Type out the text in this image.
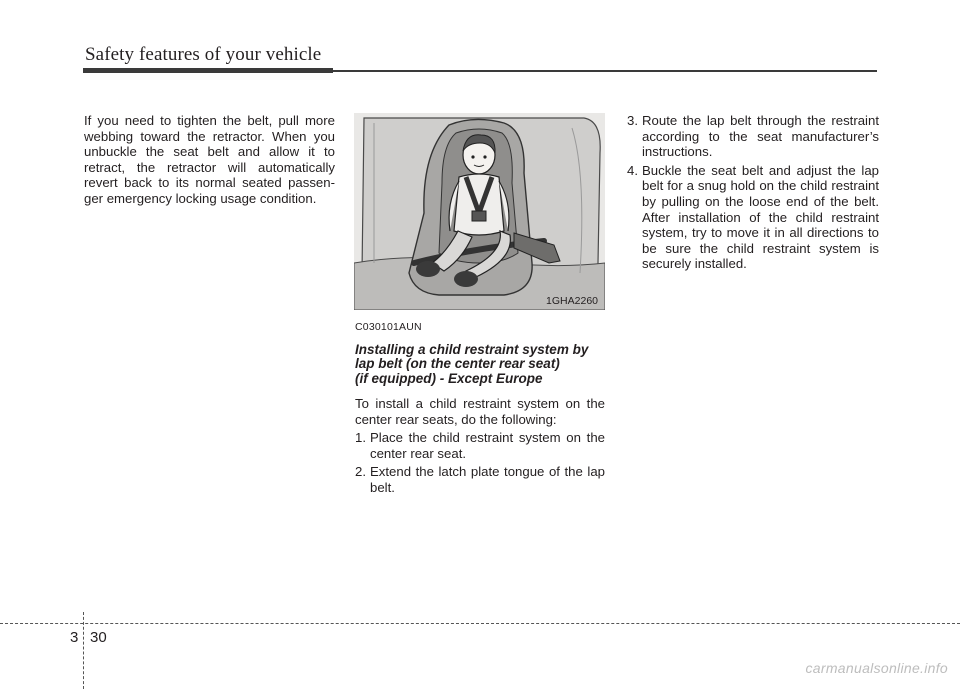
Safety features of your vehicle

If you need to tighten the belt, pull more webbing toward the retractor. When you unbuckle the seat belt and allow it to retract, the retractor will automatically revert back to its normal seated passen-ger emergency locking usage condition.

1GHA2260
C030101AUN
Installing a child restraint system by
lap belt (on the center rear seat)
(if equipped) - Except Europe

To install a child restraint system on the center rear seats, do the following:

1. Place the child restraint system on the center rear seat.
2. Extend the latch plate tongue of the lap belt.
3. Route the lap belt through the restraint according to the seat manufacturer’s instructions.
4. Buckle the seat belt and adjust the lap belt for a snug hold on the child restraint by pulling on the loose end of the belt. After installation of the child restraint system, try to move it in all directions to be sure the child restraint system is securely installed.
3 30
carmanualsonline.info
